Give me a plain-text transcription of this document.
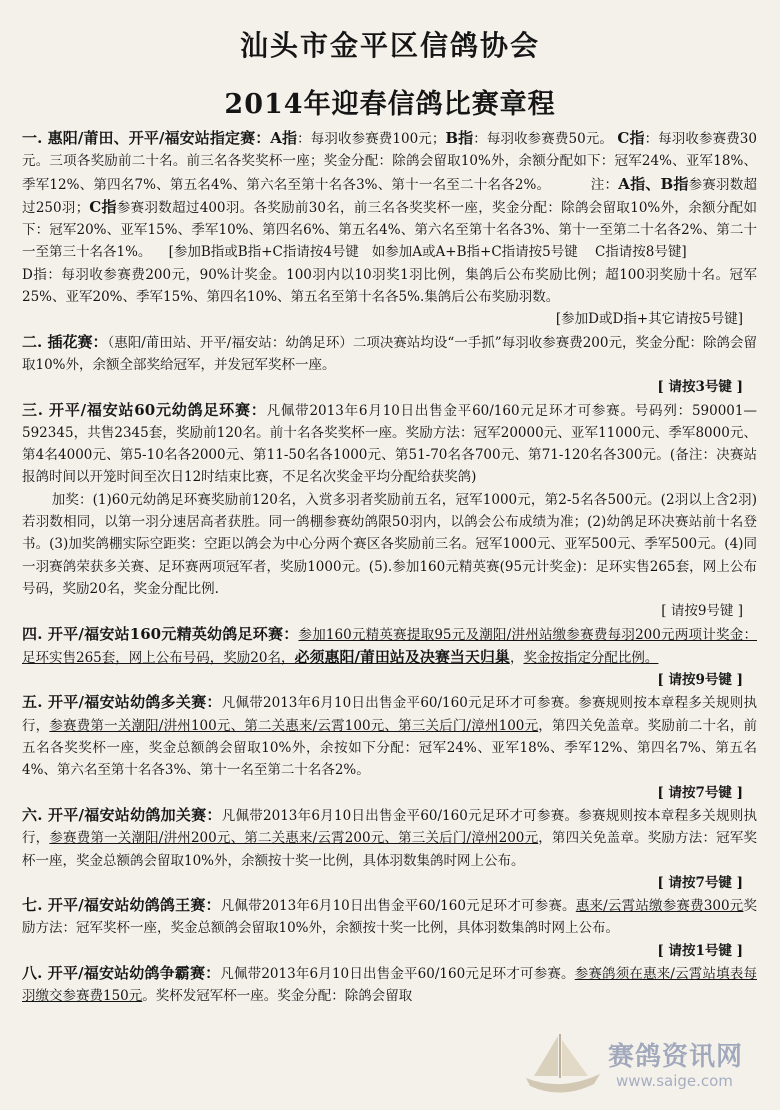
汕头市金平区信鸽协会
2014年迎春信鸽比赛章程

一. 惠阳/莆田、开平/福安站指定赛：A指：每羽收参赛费100元；B指：每羽收参赛费50元。 C指：每羽收参赛费30元。三项各奖励前二十名。前三名各奖奖杯一座；奖金分配：除鸽会留取10%外，余额分配如下：冠军24%、亚军18%、季军12%、第四名7%、第五名4%、第六名至第十名各3%、第十一名至二十名各2%。	注：A指、B指参赛羽数超过250羽；C指参赛羽数超过400羽。各奖励前30名，前三名各奖奖杯一座，奖金分配：除鸽会留取10%外，余额分配如下：冠军20%、亚军15%、季军10%、第四名6%、第五名4%、第六名至第十名各3%、第十一至第二十名各2%、第二十一至第三十名各1%。 [参加B指或B指+C指请按4号键 如参加A或A+B指+C指请按5号键 C指请按8号键]

D指：每羽收参赛费200元，90%计奖金。100羽内以10羽奖1羽比例，集鸽后公布奖励比例；超100羽奖励十名。冠军25%、亚军20%、季军15%、第四名10%、第五名至第十名各5%.集鸽后公布奖励羽数。

[参加D或D指+其它请按5号键]

二. 插花赛：（惠阳/莆田站、开平/福安站：幼鸽足环）二项决赛站均设“一手抓”每羽收参赛费200元，奖金分配：除鸽会留取10%外，余额全部奖给冠军，并发冠军奖杯一座。

[ 请按3号键 ]

三. 开平/福安站60元幼鸽足环赛：凡佩带2013年6月10日出售金平60/160元足环才可参赛。号码列：590001—592345，共售2345套，奖励前120名。前十名各奖奖杯一座。奖励方法：冠军20000元、亚军11000元、季军8000元、第4名4000元、第5-10名各2000元、第11-50名各1000元、第51-70名各700元、第71-120名各300元。(备注：决赛站报鸽时间以开笼时间至次日12时结束比赛，不足名次奖金平均分配给获奖鸽)

加奖：(1)60元幼鸽足环赛奖励前120名，入赏多羽者奖励前五名，冠军1000元，第2-5名各500元。(2羽以上含2羽)若羽数相同，以第一羽分速居高者获胜。同一鸽棚参赛幼鸽限50羽内，以鸽会公布成绩为准；(2)幼鸽足环决赛站前十名登书。(3)加奖鸽棚实际空距奖：空距以鸽会为中心分两个赛区各奖励前三名。冠军1000元、亚军500元、季军500元。(4)同一羽赛鸽荣获多关赛、足环赛两项冠军者，奖励1000元。(5).参加160元精英赛(95元计奖金)：足环实售265套，网上公布号码，奖励20名，奖金分配比例.

[ 请按9号键 ]

四. 开平/福安站160元精英幼鸽足环赛：参加160元精英赛提取95元及潮阳/汫州站缴参赛费每羽200元两项计奖金：足环实售265套，网上公布号码，奖励20名，必须惠阳/莆田站及决赛当天归巢，奖金按指定分配比例。

[ 请按9号键 ]

五. 开平/福安站幼鸽多关赛：凡佩带2013年6月10日出售金平60/160元足环才可参赛。参赛规则按本章程多关规则执行，参赛费第一关潮阳/汫州100元、第二关惠来/云霄100元、第三关后门/漳州100元，第四关免盖章。奖励前二十名，前五名各奖奖杯一座，奖金总额鸽会留取10%外，余按如下分配：冠军24%、亚军18%、季军12%、第四名7%、第五名4%、第六名至第十名各3%、第十一名至第二十名各2%。

[ 请按7号键 ]

六. 开平/福安站幼鸽加关赛：凡佩带2013年6月10日出售金平60/160元足环才可参赛。参赛规则按本章程多关规则执行，参赛费第一关潮阳/汫州200元、第二关惠来/云霄200元、第三关后门/漳州200元，第四关免盖章。奖励方法：冠军奖杯一座，奖金总额鸽会留取10%外，余额按十奖一比例，具体羽数集鸽时网上公布。

[ 请按7号键 ]

七. 开平/福安站幼鸽鸽王赛：凡佩带2013年6月10日出售金平60/160元足环才可参赛。惠来/云霄站缴参赛费300元奖励方法：冠军奖杯一座，奖金总额鸽会留取10%外，余额按十奖一比例，具体羽数集鸽时网上公布。

[ 请按1号键 ]

八. 开平/福安站幼鸽争霸赛：凡佩带2013年6月10日出售金平60/160元足环才可参赛。参赛鸽须在惠来/云霄站填表每羽缴交参赛费150元。奖杯发冠军杯一座。奖金分配：除鸽会留取

赛鸽资讯网
www.saige.com
